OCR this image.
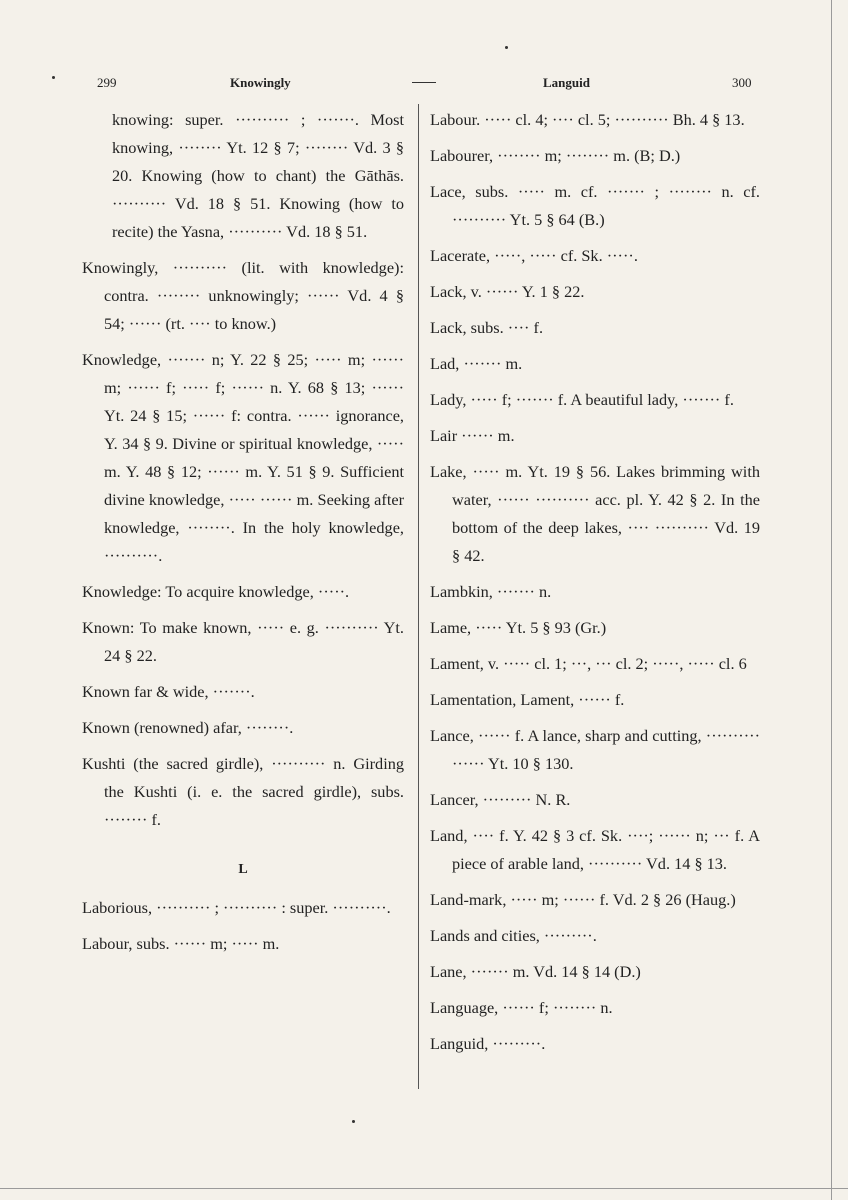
299	Knowingly	Languid	300
knowing: super. ·········· ; ·······. Most knowing, ········ Yt. 12 § 7; ········ Vd. 3 § 20. Knowing (how to chant) the Gāthās. ·········· Vd. 18 § 51. Knowing (how to recite) the Yasna, ·········· Vd. 18 § 51.
Knowingly, ·········· (lit. with knowledge): contra. ········ unknowingly; ······ Vd. 4 § 54; ······ (rt. ···· to know.)
Knowledge, ······· n; Y. 22 § 25; ····· m; ······ m; ······ f; ····· f; ······ n. Y. 68 § 13; ······ Yt. 24 § 15; ······ f: contra. ······ ignorance, Y. 34 § 9. Divine or spiritual knowledge, ····· m. Y. 48 § 12; ······ m. Y. 51 § 9. Sufficient divine knowledge, ····· ······ m. Seeking after knowledge, ········. In the holy knowledge, ··········.
Knowledge: To acquire knowledge, ·····.
Known: To make known, ····· e. g. ·········· Yt. 24 § 22.
Known far & wide, ·······.
Known (renowned) afar, ········.
Kushti (the sacred girdle), ·········· n. Girding the Kushti (i. e. the sacred girdle), subs. ········ f.
L
Laborious, ·········· ; ·········· : super. ··········.
Labour, subs. ······ m; ····· m.
Labour. ····· cl. 4; ···· cl. 5; ·········· Bh. 4 § 13.
Labourer, ········ m; ········ m. (B; D.)
Lace, subs. ····· m. cf. ······· ; ········ n. cf. ·········· Yt. 5 § 64 (B.)
Lacerate, ·····, ····· cf. Sk. ·····.
Lack, v. ······ Y. 1 § 22.
Lack, subs. ···· f.
Lad, ······· m.
Lady, ····· f; ······· f. A beautiful lady, ······· f.
Lair ······ m.
Lake, ····· m. Yt. 19 § 56. Lakes brimming with water, ······ ·········· acc. pl. Y. 42 § 2. In the bottom of the deep lakes, ···· ·········· Vd. 19 § 42.
Lambkin, ······· n.
Lame, ····· Yt. 5 § 93 (Gr.)
Lament, v. ····· cl. 1; ···, ··· cl. 2; ·····, ····· cl. 6
Lamentation, Lament, ······ f.
Lance, ······ f. A lance, sharp and cutting, ·········· ······ Yt. 10 § 130.
Lancer, ········· N. R.
Land, ···· f. Y. 42 § 3 cf. Sk. ····; ······ n; ··· f. A piece of arable land, ·········· Vd. 14 § 13.
Land-mark, ····· m; ······ f. Vd. 2 § 26 (Haug.)
Lands and cities, ·········.
Lane, ······· m. Vd. 14 § 14 (D.)
Language, ······ f; ········ n.
Languid, ·········.
